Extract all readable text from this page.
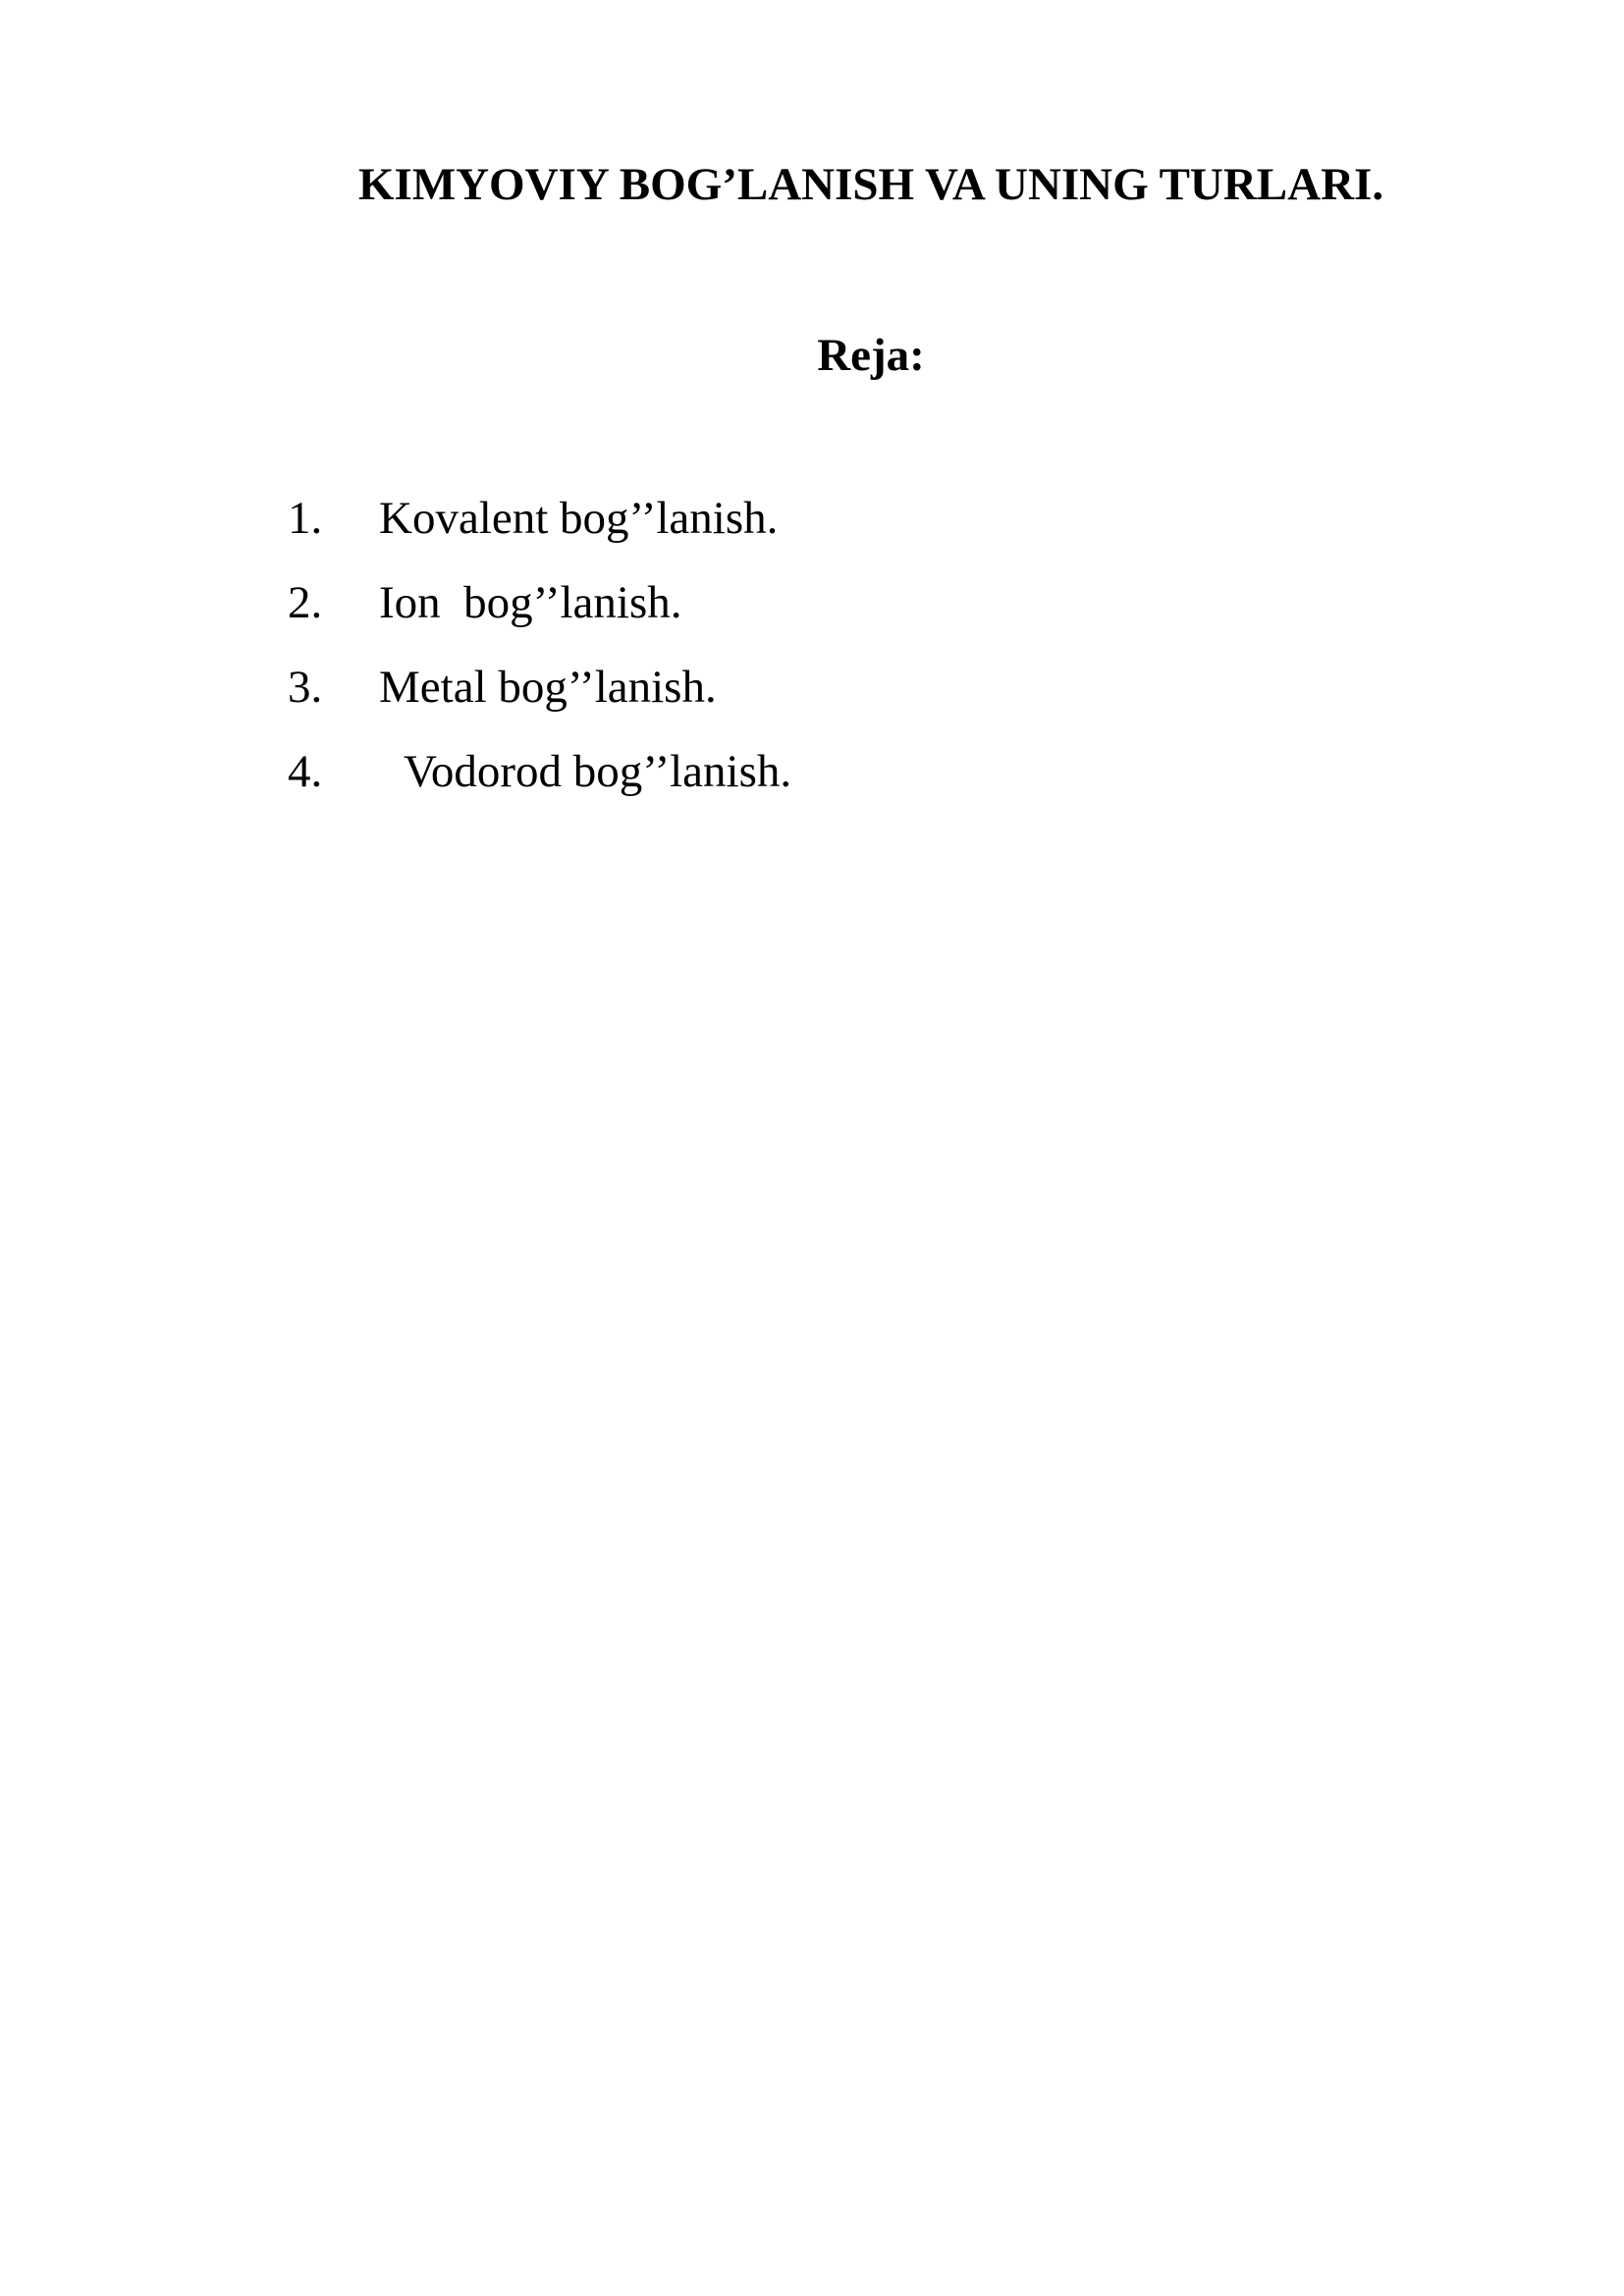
KIMYOVIY BOG’LANISH VA UNING TURLARI.
Reja:
1.	Kovalent bog’’lanish.
2.	Ion  bog’’lanish.
3.	Metal bog’’lanish.
4.	Vodorod bog’’lanish.
